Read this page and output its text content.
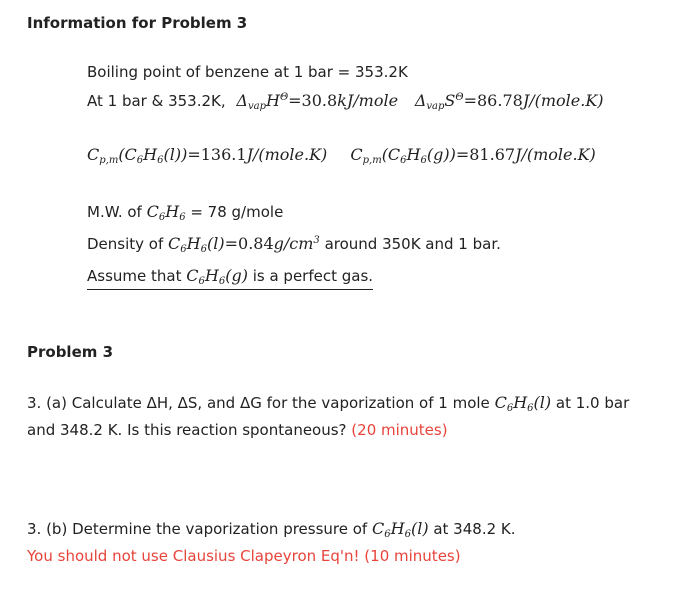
Information for Problem 3
Boiling point of benzene at 1 bar = 353.2K
At 1 bar & 353.2K, $\Delta_{vap}H^\Theta=30.8kJ$/mole $\Delta_{vap}S^\Theta=86.78J/(mole.K)$
$C_{p,m}(C_6H_6(l))=136.1J/(mole.K)$ $C_{p,m}(C_6H_6(g))=81.67J/(mole.K)$
M.W. of $C_6H_6 = 78$ g/mole
Density of $C_6H_6(l)=0.84g/cm^3$ around 350K and 1 bar.
Assume that $C_6H_6(g)$ is a perfect gas.
Problem 3
3. (a) Calculate ΔH, ΔS, and ΔG for the vaporization of 1 mole $C_6H_6(l)$ at 1.0 bar
and 348.2 K. Is this reaction spontaneous? (20 minutes)
3. (b) Determine the vaporization pressure of $C_6H_6(l)$ at 348.2 K.
You should not use Clausius Clapeyron Eq'n! (10 minutes)
